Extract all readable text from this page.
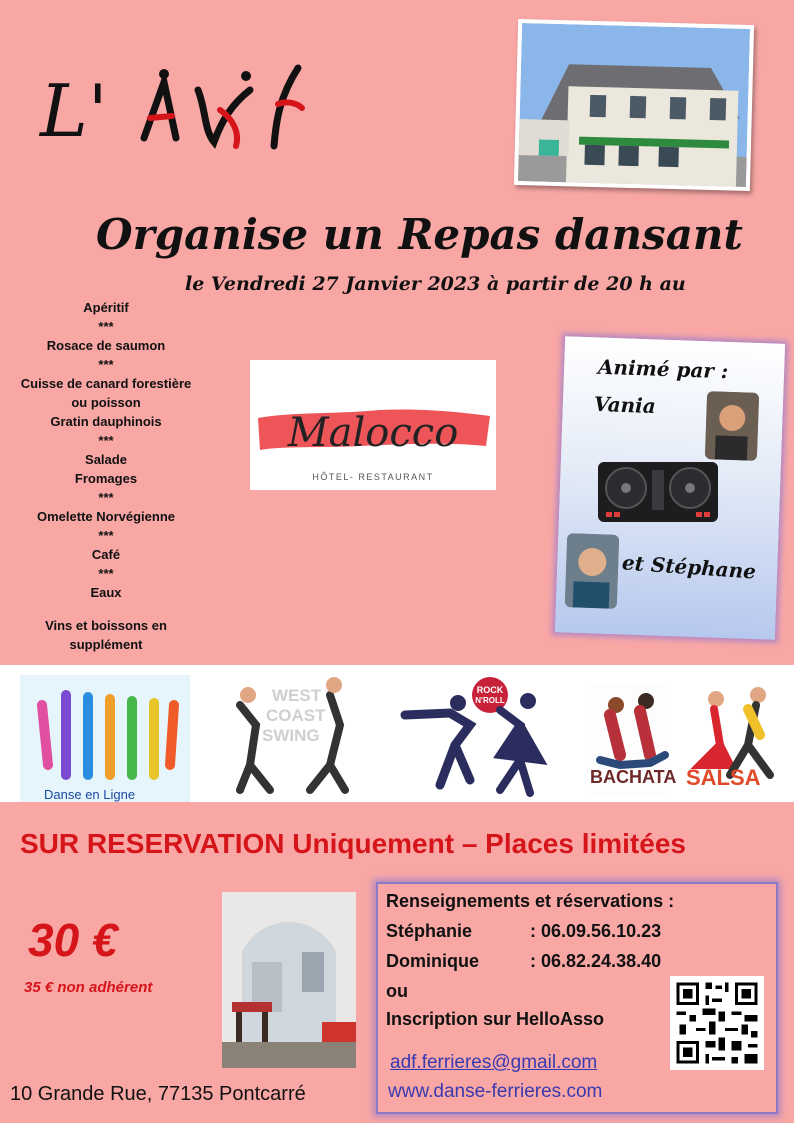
L'
Organise un Repas dansant
le Vendredi 27 Janvier 2023 à partir de 20 h au
Apéritif
***
Rosace de saumon
***
Cuisse de canard forestière
ou poisson
Gratin dauphinois
***
Salade
Fromages
***
Omelette Norvégienne
***
Café
***
Eaux
Vins et boissons en
supplément
Malocco
HÔTEL- RESTAURANT
Animé par :
Vania
et Stéphane
Danse en Ligne
WEST
COAST
SWING
ROCK
N'ROLL
BACHATA SALSA
SUR RESERVATION Uniquement – Places limitées
30 €
35 € non adhérent
10 Grande Rue, 77135 Pontcarré
Renseignements et réservations :
Stéphanie	: 06.09.56.10.23
Dominique	: 06.82.24.38.40
ou
Inscription sur HelloAsso
adf.ferrieres@gmail.com
www.danse-ferrieres.com
